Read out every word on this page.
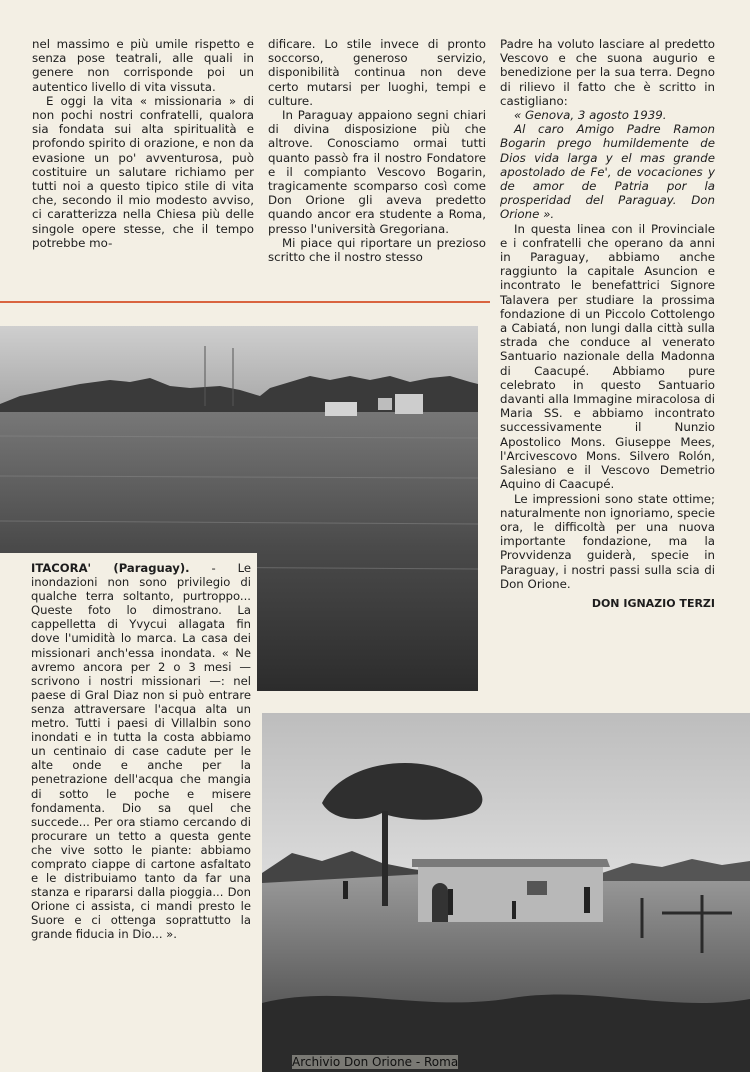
nel massimo e più umile rispetto e senza pose teatrali, alle quali in genere non corrisponde poi un autentico livello di vita vissuta.

E oggi la vita « missionaria » di non pochi nostri confratelli, qualora sia fondata sui alta spiritualità e profondo spirito di orazione, e non da evasione un po' avventurosa, può costituire un salutare richiamo per tutti noi a questo tipico stile di vita che, secondo il mio modesto avviso, ci caratterizza nella Chiesa più delle singole opere stesse, che il tempo potrebbe mo-

dificare. Lo stile invece di pronto soccorso, generoso servizio, disponibilità continua non deve certo mutarsi per luoghi, tempi e culture.

In Paraguay appaiono segni chiari di divina disposizione più che altrove. Conosciamo ormai tutti quanto passò fra il nostro Fondatore e il compianto Vescovo Bogarin, tragicamente scomparso così come Don Orione gli aveva predetto quando ancor era studente a Roma, presso l'università Gregoriana.

Mi piace qui riportare un prezioso scritto che il nostro stesso

Padre ha voluto lasciare al predetto Vescovo e che suona augurio e benedizione per la sua terra. Degno di rilievo il fatto che è scritto in castigliano:

« Genova, 3 agosto 1939.

Al caro Amigo Padre Ramon Bogarin prego humildemente de Dios vida larga y el mas grande apostolado de Fe', de vocaciones y de amor de Patria por la prosperidad del Paraguay. Don Orione ».

In questa linea con il Provinciale e i confratelli che operano da anni in Paraguay, abbiamo anche raggiunto la capitale Asuncion e incontrato le benefattrici Signore Talavera per studiare la prossima fondazione di un Piccolo Cottolengo a Cabiatá, non lungi dalla città sulla strada che conduce al venerato Santuario nazionale della Madonna di Caacupé. Abbiamo pure celebrato in questo Santuario davanti alla Immagine miracolosa di Maria SS. e abbiamo incontrato successivamente il Nunzio Apostolico Mons. Giuseppe Mees, l'Arcivescovo Mons. Silvero Rolón, Salesiano e il Vescovo Demetrio Aquino di Caacupé.

Le impressioni sono state ottime; naturalmente non ignoriamo, specie ora, le difficoltà per una nuova importante fondazione, ma la Provvidenza guiderà, specie in Paraguay, i nostri passi sulla scia di Don Orione.

DON IGNAZIO TERZI

ITACORA' (Paraguay). - Le inondazioni non sono privilegio di qualche terra soltanto, purtroppo... Queste foto lo dimostrano. La cappelletta di Yvycui allagata fin dove l'umidità lo marca. La casa dei missionari anch'essa inondata. « Ne avremo ancora per 2 o 3 mesi — scrivono i nostri missionari —: nel paese di Gral Diaz non si può entrare senza attraversare l'acqua alta un metro. Tutti i paesi di Villalbin sono inondati e in tutta la costa abbiamo un centinaio di case cadute per le alte onde e anche per la penetrazione dell'acqua che mangia di sotto le poche e misere fondamenta. Dio sa quel che succede... Per ora stiamo cercando di procurare un tetto a questa gente che vive sotto le piante: abbiamo comprato ciappe di cartone asfaltato e le distribuiamo tanto da far una stanza e ripararsi dalla pioggia... Don Orione ci assista, ci mandi presto le Suore e ci ottenga soprattutto la grande fiducia in Dio... ».
Archivio Don Orione - Roma
